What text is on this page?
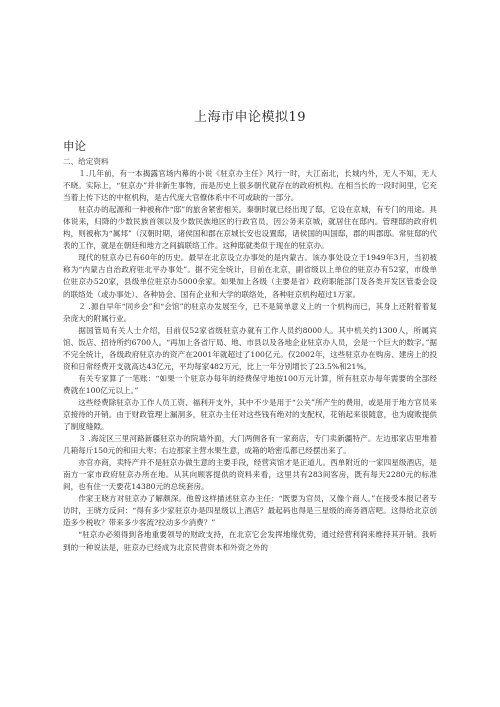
上海市申论模拟19
申论

二、给定资料

１.几年前，有一本揭露官场内幕的小说《驻京办主任》风行一时，大江南北，长城内外，无人不知，无人不晓。实际上，“驻京办”并非新生事物，而是历史上很多朝代就存在的政府机构。在相当长的一段时间里，它充当着上传下达的中枢机构，是古代庞大官僚体系中不可或缺的一部分。

驻京办的起源和一种被称作“邸”的旅舍紧密相关。秦朝时就已经出现了邸，它设在京城，有专门的用途。具体说来，归降的少数民族首领以及少数民族地区的行政官员，因公务来京城，就居住在邸内。管理邸的政府机构，则被称为“属邦”（汉朝时期，诸侯国和郡在京城长安也设置邸，诸侯国的叫国邸，郡的叫郡邸。常驻邸的代表的工作，就是在朝廷和地方之间搞联络工作。这种邸就类似于现在的驻京办。

现代的驻京办已有60年的历史。最早在北京设立办事处的是内蒙古。该办事处设立于1949年3月，当初被称为“内蒙古自治政府驻北平办事处”。据不完全统计，目前在北京，副省级以上单位的驻京办有52家，市级单位驻京办520家，县级单位驻京办5000余家。如果加上各级（主要是省）政府职能部门及各类开发区管委会设的联络处（或办事处）、各种协会、国有企业和大学的联络处，各种驻京机构超过1万家。

２ .源自早年“同乡会”和“会馆”的驻京办发展至今，已不是简单意义上的一个机构而已，其身上还附着着复杂庞大的附属行业。

据国管局有关人士介绍，目前仅52家省级驻京办就有工作人员约8000人。其中机关约1300人，所属宾馆、饭店、招待所约6700人。“再加上各省厅局、地、市县以及各地企业驻京办人员，会是一个巨大的数字。”据不完全统计，各级政府驻京办的资产在2001年就超过了100亿元。仅2002年，这些驻京办在购房、建房上的投资和日常经费开支就高达43亿元，平均每家482万元，比上一年分别增长了23.5%和21%。

有关专家算了一笔账：“如果一个驻京办每年的经费保守地按100万元计算，所有驻京办每年需要的全部经费就在100亿元以上。”

这些经费除驻京办工作人员工资、福利开支外，其中不少是用于“公关”所产生的费用，或是用于地方官员来京接待的开销。由于财政管理上漏洞多，驻京办主任对这些钱有绝对的支配权，花销起来很随意，也为腐败提供了制度缝隙。

３ .海淀区三里河路新疆驻京办的院墙外面，大门两侧各有一家商店，专门卖新疆特产。左边那家店里堆着几箱每斤150元的和田大枣；右边那家主营水果生意，成箱的哈密瓜都已经摆出来了。

亦官亦商，卖特产并不是驻京办做生意的主要手段，经营宾馆才是正道儿。西单附近的一家四星级酒店，是南方一家市政府驻京办所在地。从其向顾客提供的资料来看，这里共有283间客房，既有每天2280元的标准间，也有住一天要花14380元的总统套房。

作家王晓方对驻京办了解颇深。他曾这样描述驻京办主任：“既要为官员，又像个商人。”在接受本报记者专访时，王晓方反问：“得有多少家驻京办是四星级以上酒店？最起码也得是三星级的商务酒店吧。这得给北京创造多少税收？带来多少客流?拉动多少消费？”

“驻京办必须得到各地重要领导的财政支持，在北京它会发挥地缘优势，通过经营利润来维持其开销。我听到的一种说法是，驻京办已经成为北京民营资本和外资之外的
